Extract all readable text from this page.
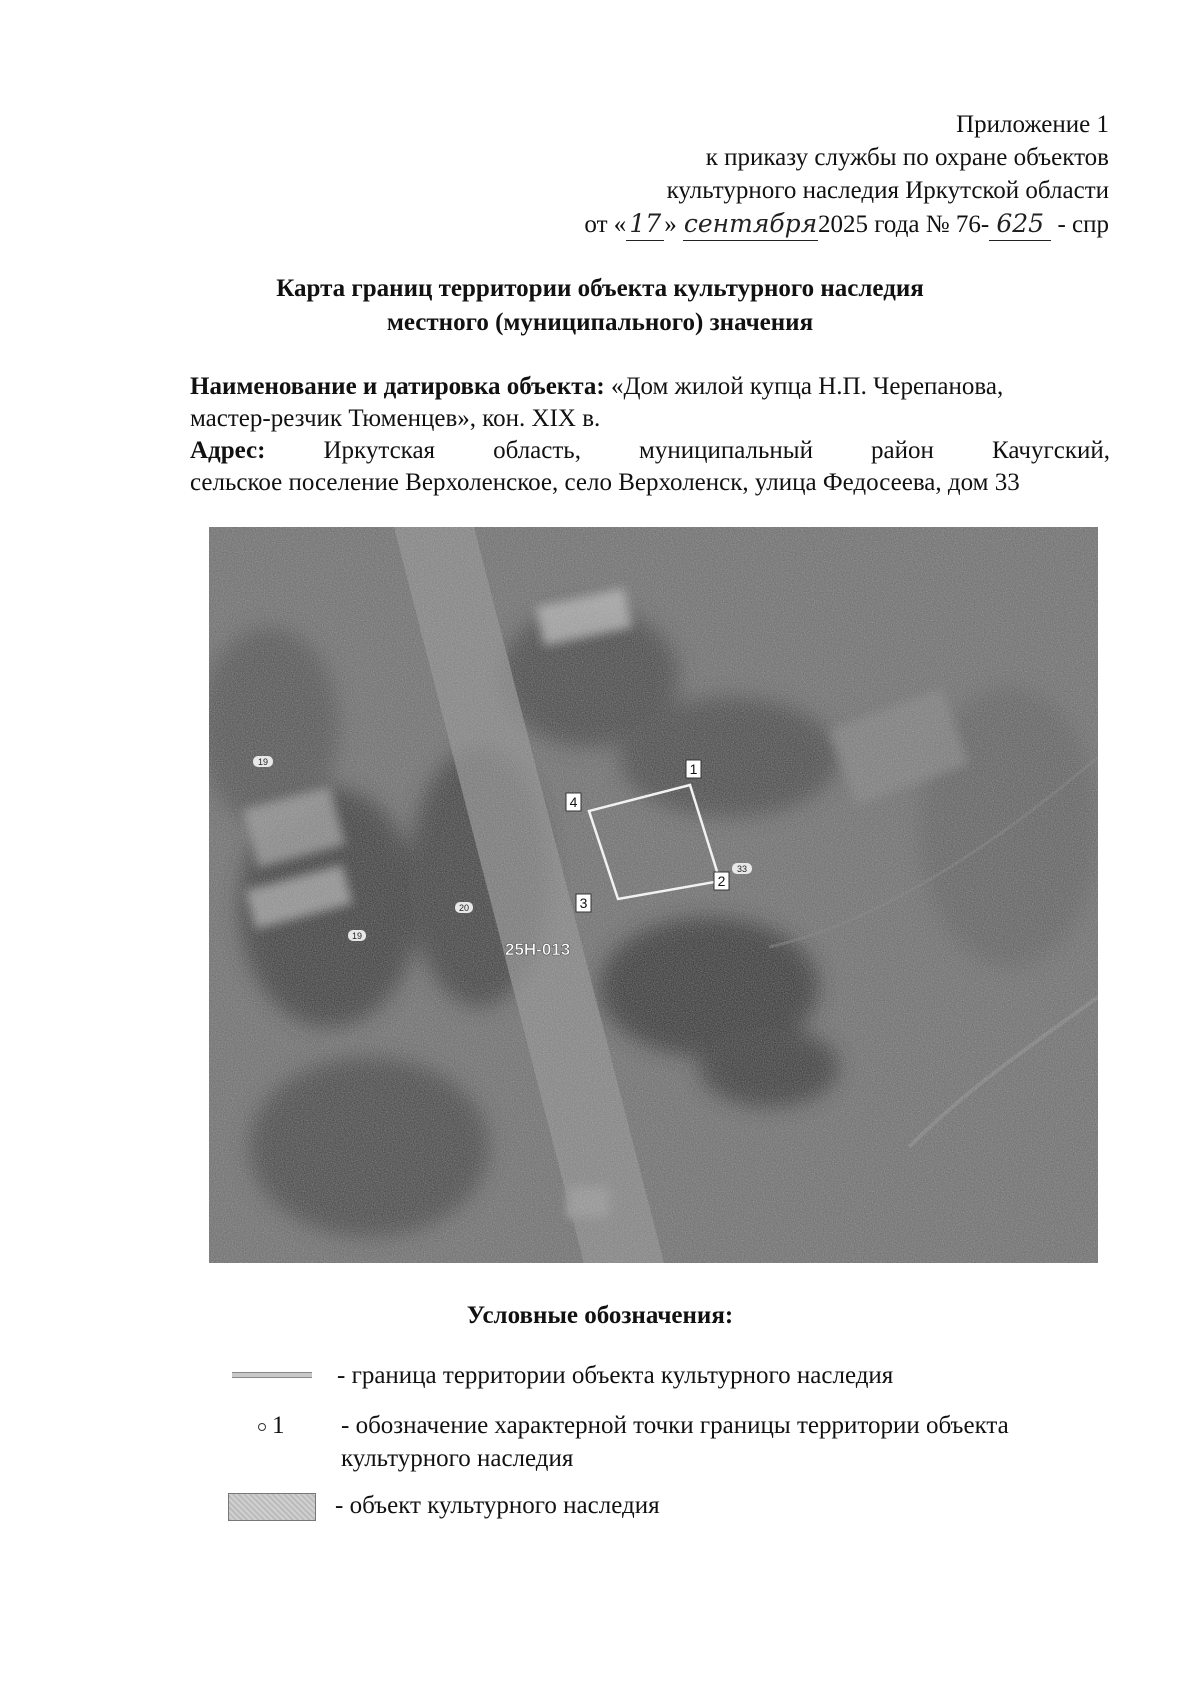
Приложение 1
к приказу службы по охране объектов
культурного наследия Иркутской области
от « 17 » сентября2025 года № 76- 625 - спр
Карта границ территории объекта культурного наследия
местного (муниципального) значения
Наименование и датировка объекта: «Дом жилой купца Н.П. Черепанова,
мастер-резчик Тюменцев», кон. XIX в.
Адрес: Иркутская область, муниципальный район Качугский,
сельское поселение Верхоленское, село Верхоленск, улица Федосеева, дом 33
1
2
3
4
19
20
33
19
25Н-013
Условные обозначения:
- граница территории объекта культурного наследия
1 - обозначение характерной точки границы территории объекта
культурного наследия
- объект культурного наследия
